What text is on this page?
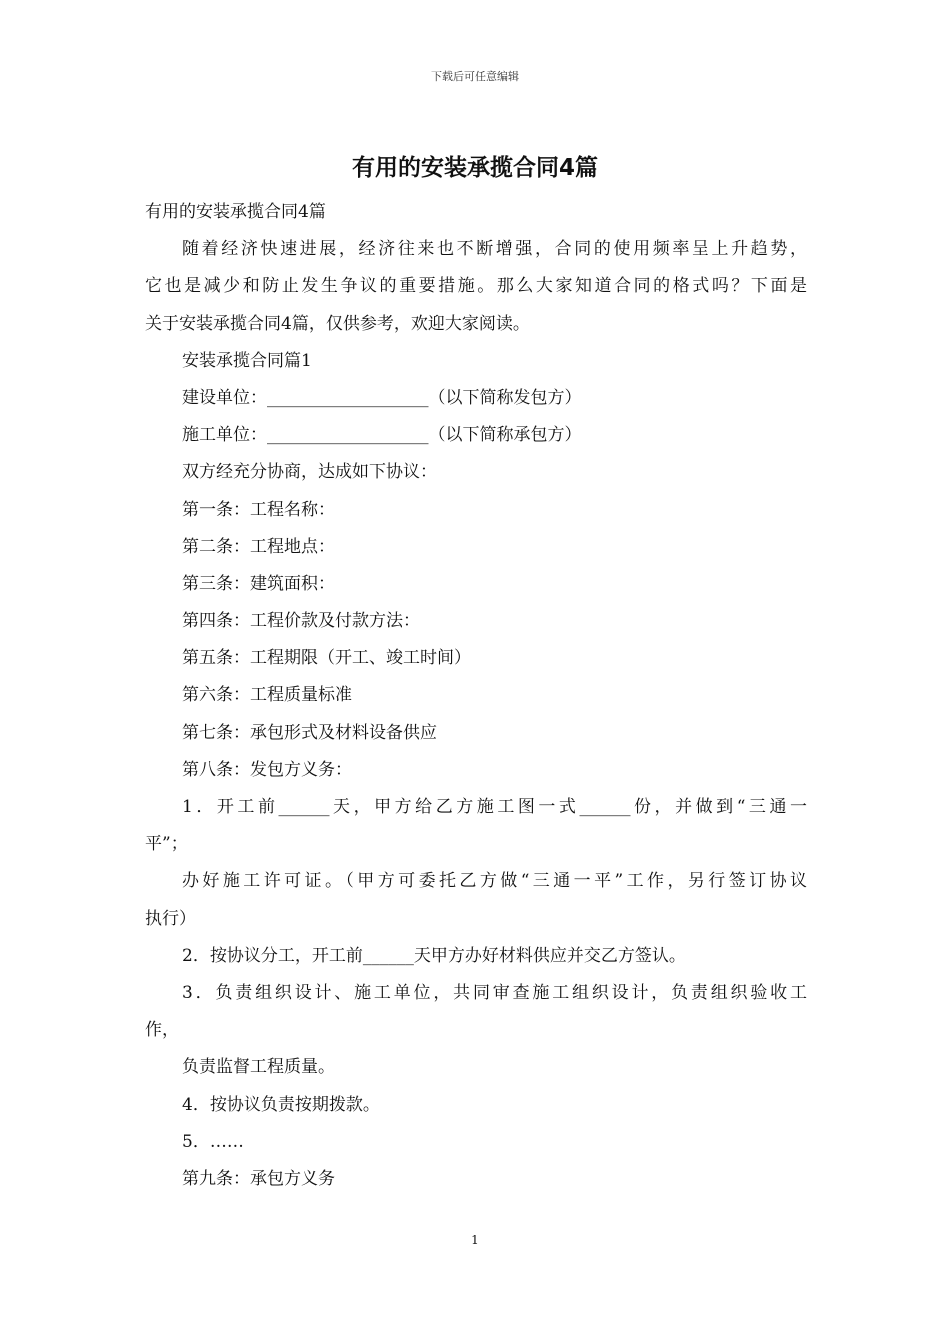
下载后可任意编辑
有用的安装承揽合同4篇
有用的安装承揽合同4篇
随着经济快速进展，经济往来也不断增强，合同的使用频率呈上升趋势，
它也是减少和防止发生争议的重要措施。那么大家知道合同的格式吗？下面是
关于安装承揽合同4篇，仅供参考，欢迎大家阅读。
安装承揽合同篇1
建设单位：___________________（以下简称发包方）
施工单位：___________________（以下简称承包方）
双方经充分协商，达成如下协议：
第一条：工程名称：
第二条：工程地点：
第三条：建筑面积：
第四条：工程价款及付款方法：
第五条：工程期限（开工、竣工时间）
第六条：工程质量标准
第七条：承包形式及材料设备供应
第八条：发包方义务：
1．开工前______天，甲方给乙方施工图一式______份，并做到“三通一
平”；
办好施工许可证。（甲方可委托乙方做“三通一平”工作，另行签订协议
执行）
2．按协议分工，开工前______天甲方办好材料供应并交乙方签认。
3．负责组织设计、施工单位，共同审查施工组织设计，负责组织验收工
作，
负责监督工程质量。
4．按协议负责按期拨款。
5．……
第九条：承包方义务
1
